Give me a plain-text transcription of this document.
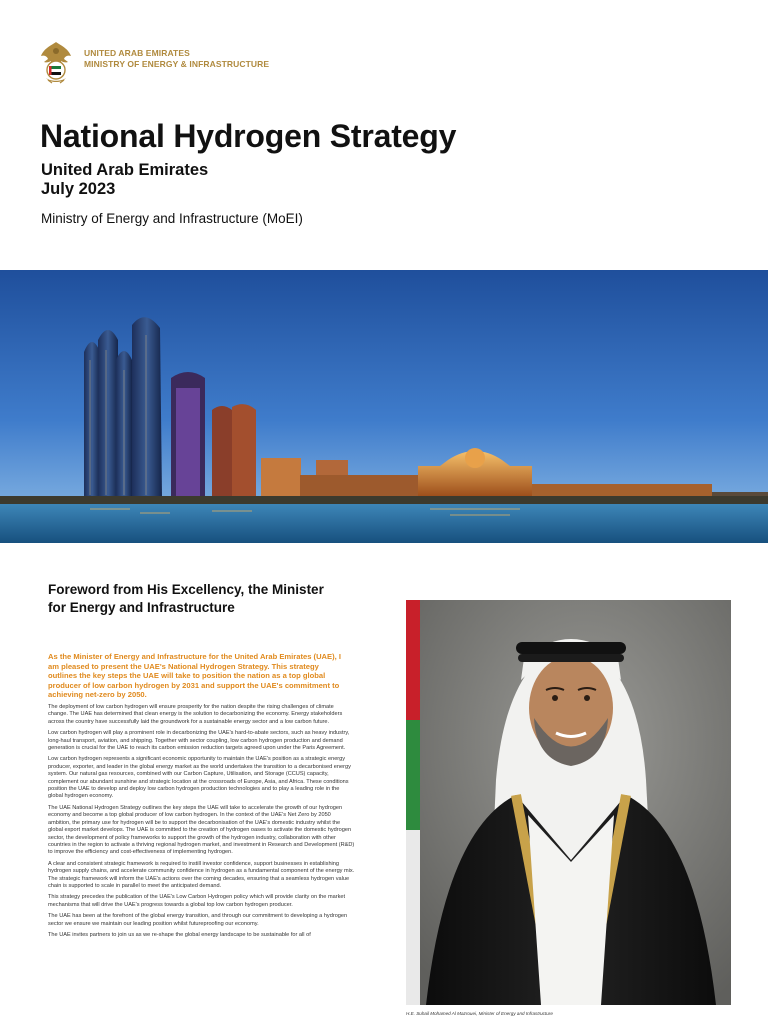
UNITED ARAB EMIRATES
MINISTRY OF ENERGY & INFRASTRUCTURE
National Hydrogen Strategy
United Arab Emirates
July 2023
Ministry of Energy and Infrastructure (MoEI)
Foreword from His Excellency, the Minister for Energy and Infrastructure

As the Minister of Energy and Infrastructure for the United Arab Emirates (UAE), I am pleased to present the UAE's National Hydrogen Strategy. This strategy outlines the key steps the UAE will take to position the nation as a top global producer of low carbon hydrogen by 2031 and support the UAE's commitment to achieving net-zero by 2050.

The deployment of low carbon hydrogen will ensure prosperity for the nation despite the rising challenges of climate change. The UAE has determined that clean energy is the solution to decarbonizing the economy. Energy stakeholders across the country have successfully laid the groundwork for a sustainable energy sector and a low carbon future.

Low carbon hydrogen will play a prominent role in decarbonizing the UAE's hard-to-abate sectors, such as heavy industry, long-haul transport, aviation, and shipping. Together with sector coupling, low carbon hydrogen production and demand generation is crucial for the UAE to reach its carbon emission reduction targets agreed upon under the Paris Agreement.

Low carbon hydrogen represents a significant economic opportunity to maintain the UAE's position as a strategic energy producer, exporter, and leader in the global energy market as the world undertakes the transition to a decarbonised energy system. Our natural gas resources, combined with our Carbon Capture, Utilisation, and Storage (CCUS) capacity, complement our abundant sunshine and strategic location at the crossroads of Europe, Asia, and Africa. These conditions position the UAE to develop and deploy low carbon hydrogen production technologies and to play a leading role in the global hydrogen economy.

The UAE National Hydrogen Strategy outlines the key steps the UAE will take to accelerate the growth of our hydrogen economy and become a top global producer of low carbon hydrogen. In the context of the UAE's Net Zero by 2050 ambition, the primary use for hydrogen will be to support the decarbonisation of the UAE's domestic industry whilst the global export market develops. The UAE is committed to the creation of hydrogen oases to activate the domestic hydrogen sector, the development of policy frameworks to support the growth of the hydrogen industry, collaboration with other countries in the region to activate a thriving regional hydrogen market, and investment in Research and Development (R&D) to improve the efficiency and cost-effectiveness of implementing hydrogen.

A clear and consistent strategic framework is required to instill investor confidence, support businesses in establishing hydrogen supply chains, and accelerate community confidence in hydrogen as a fundamental component of the energy mix. The strategic framework will inform the UAE's actions over the coming decades, ensuring that a seamless hydrogen value chain is supported to scale in parallel to meet the anticipated demand.

This strategy precedes the publication of the UAE's Low Carbon Hydrogen policy which will provide clarity on the market mechanisms that will drive the UAE's progress towards a global top low carbon hydrogen producer.

The UAE has been at the forefront of the global energy transition, and through our commitment to developing a hydrogen sector we ensure we maintain our leading position whilst futureproofing our economy.

The UAE invites partners to join us as we re-shape the global energy landscape to be sustainable for all of

H.E. Suhail Mohamed Al Mazrouei, Minister of Energy and Infrastructure
